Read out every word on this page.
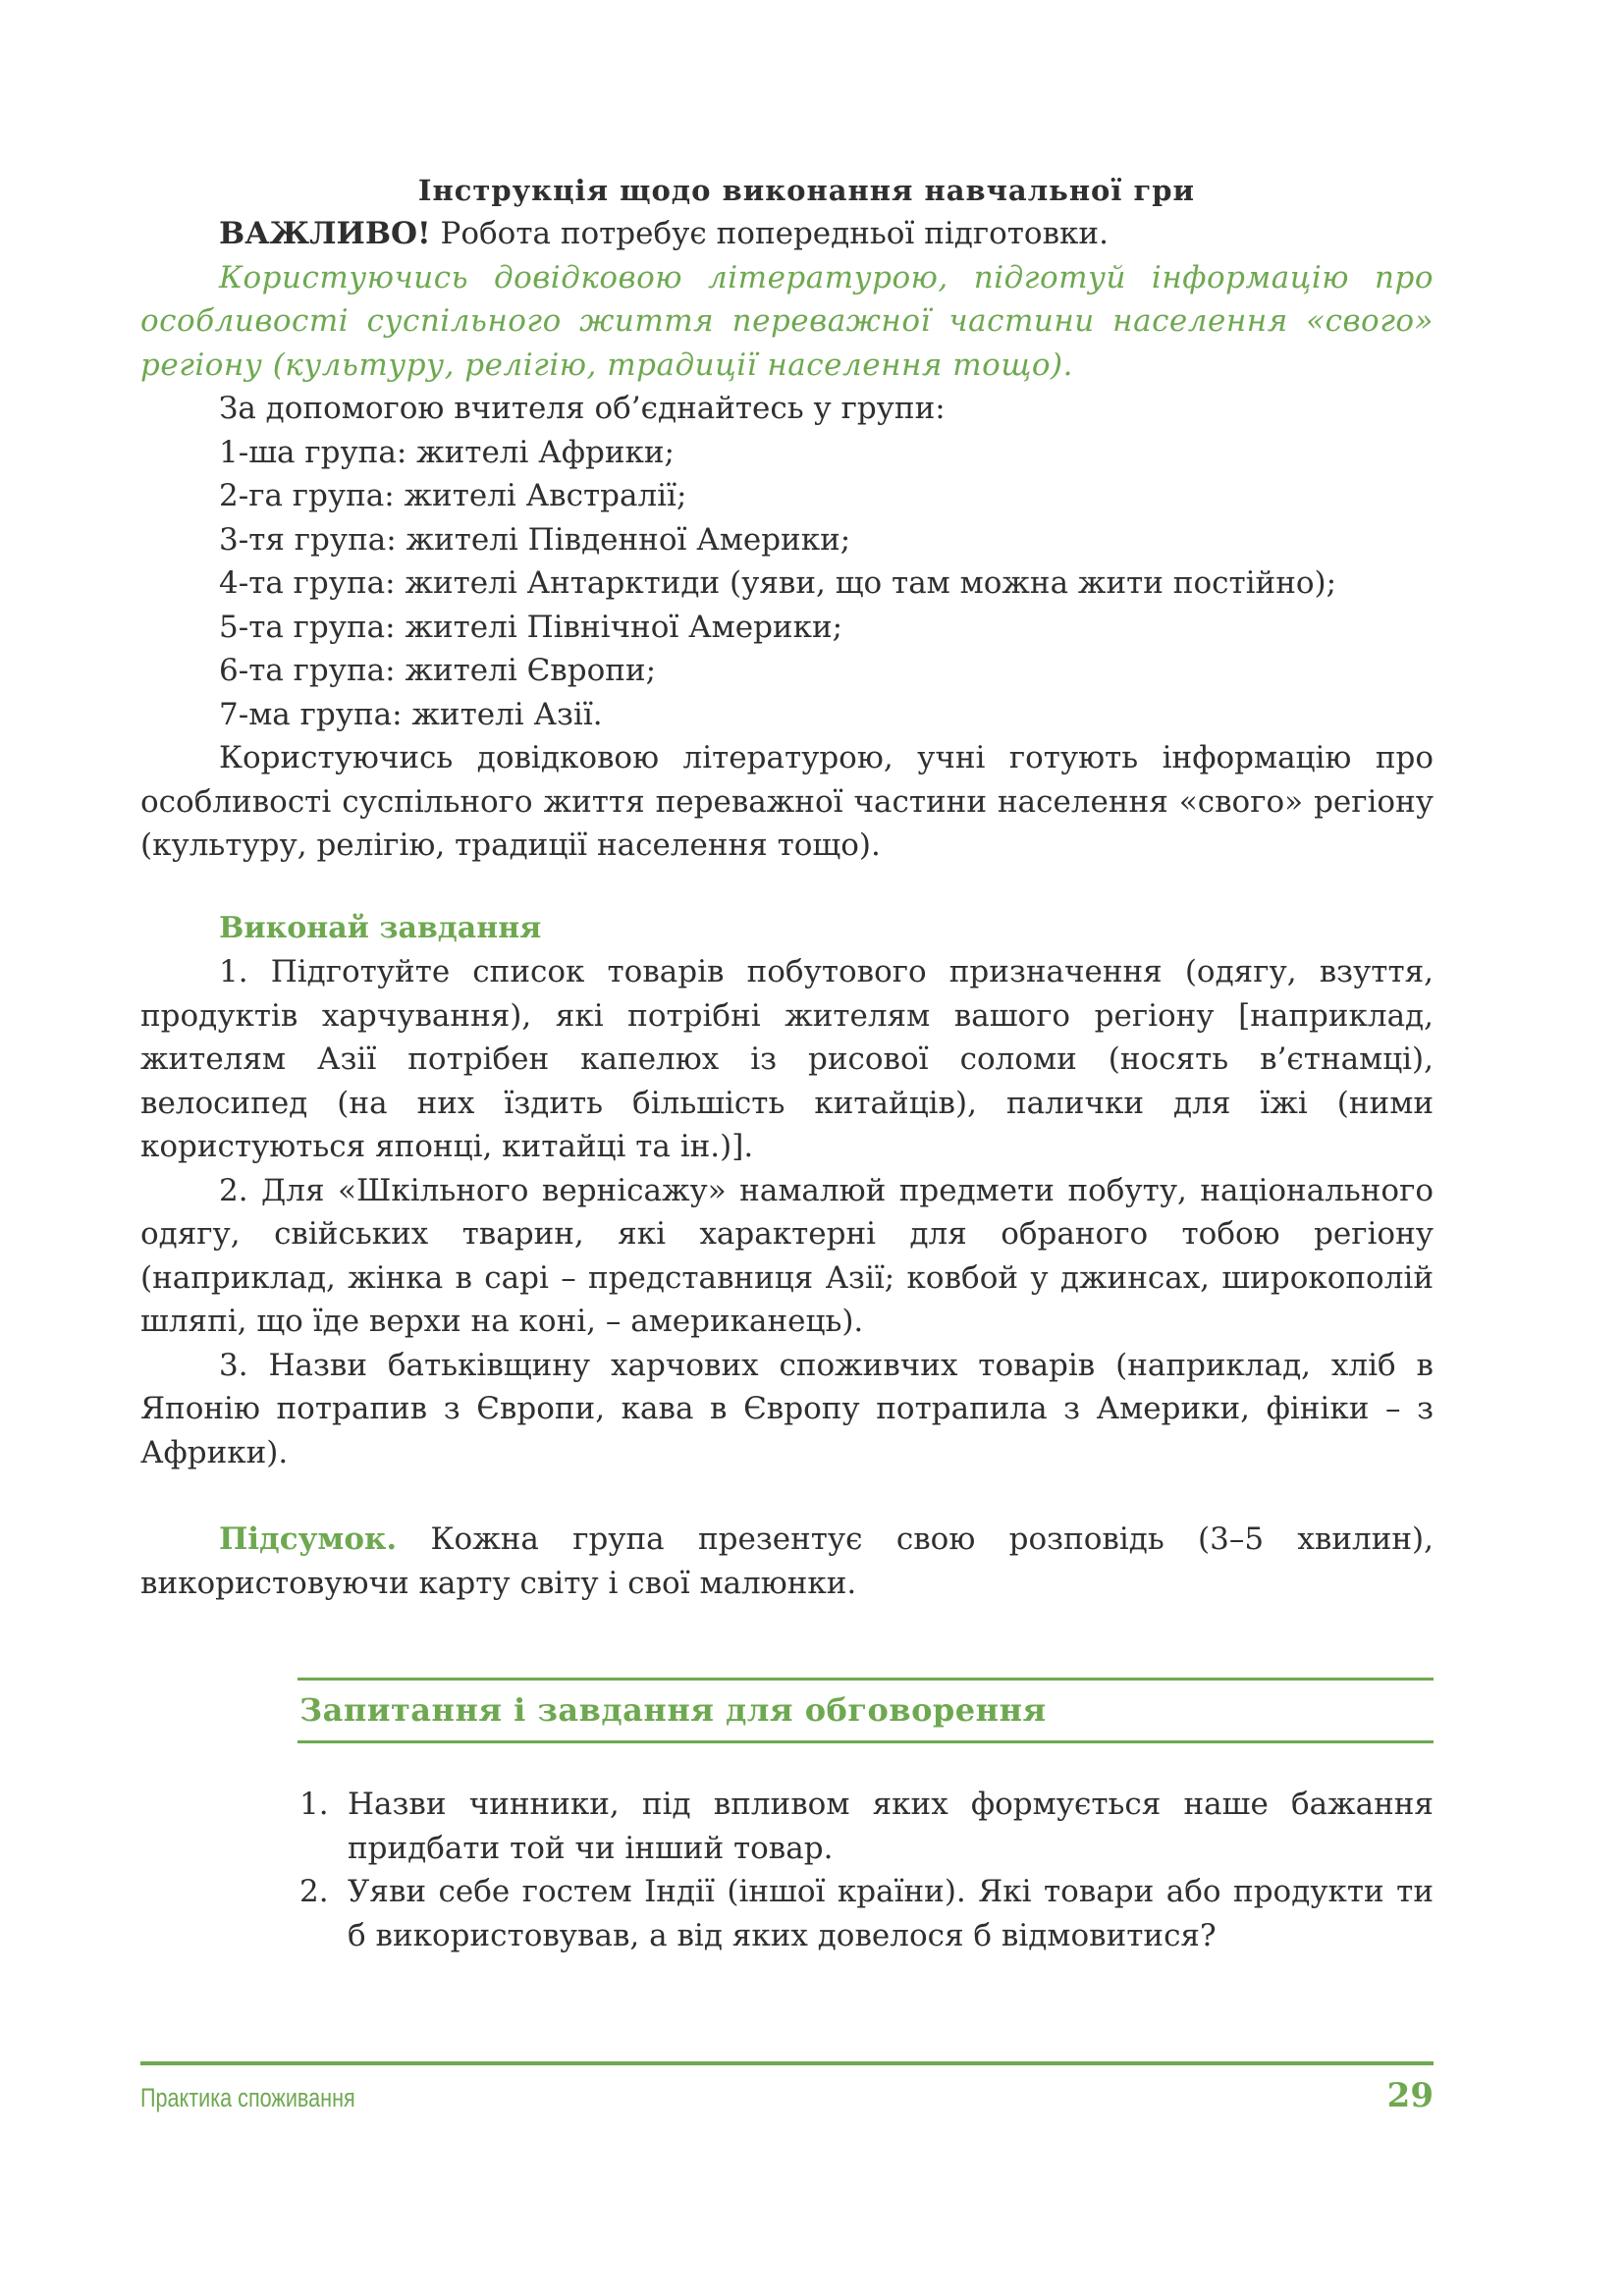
Інструкція щодо виконання навчальної гри

ВАЖЛИВО! Робота потребує попередньої підготовки.

Користуючись довідковою літературою, підготуй інформацію про особливості суспільного життя переважної частини населення «свого» регіону (культуру, релігію, традиції населення тощо).

За допомогою вчителя об’єднайтесь у групи:

1-ша група: жителі Африки;

2-га група: жителі Австралії;

3-тя група: жителі Південної Америки;

4-та група: жителі Антарктиди (уяви, що там можна жити постійно);

5-та група: жителі Північної Америки;

6-та група: жителі Європи;

7-ма група: жителі Азії.

Користуючись довідковою літературою, учні готують інформацію про особливості суспільного життя переважної частини населення «свого» регіону (культуру, релігію, традиції населення тощо).

Виконай завдання

1. Підготуйте список товарів побутового призначення (одягу, взуття, продуктів харчування), які потрібні жителям вашого регіону [наприклад, жителям Азії потрібен капелюх із рисової соломи (носять в’єтнамці), велосипед (на них їздить більшість китайців), палички для їжі (ними користуються японці, китайці та ін.)].

2. Для «Шкільного вернісажу» намалюй предмети побуту, національного одягу, свійських тварин, які характерні для обраного тобою регіону (наприклад, жінка в сарі – представниця Азії; ковбой у джинсах, широкополій шляпі, що їде верхи на коні, – американець).

3. Назви батьківщину харчових споживчих товарів (наприклад, хліб в Японію потрапив з Європи, кава в Європу потрапила з Америки, фініки – з Африки).

Підсумок. Кожна група презентує свою розповідь (3–5 хвилин), використовуючи карту світу і свої малюнки.

Запитання і завдання для обговорення
1. Назви чинники, під впливом яких формується наше бажання придбати той чи інший товар.
2. Уяви себе гостем Індії (іншої країни). Які товари або продукти ти б використовував, а від яких довелося б відмовитися?
Практика споживання	29
